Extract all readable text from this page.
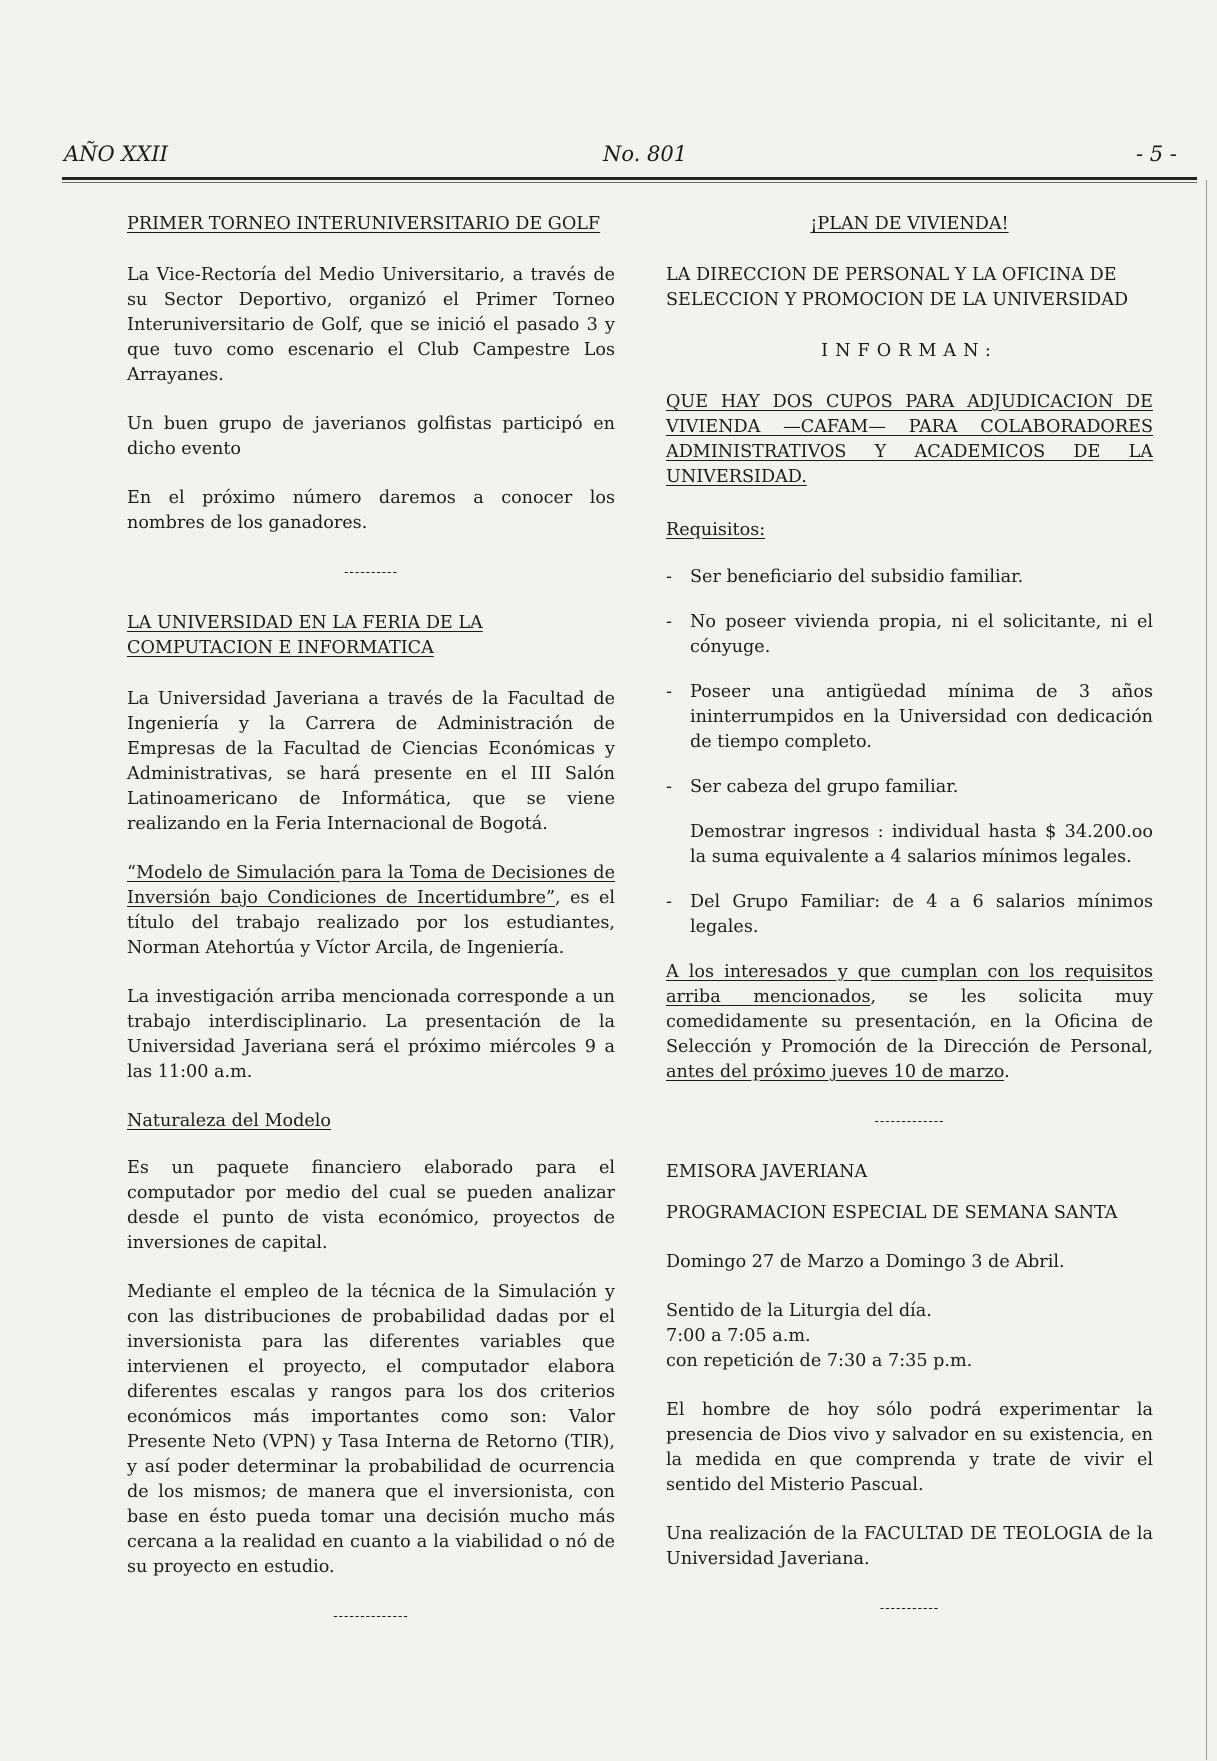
AÑO XXII	No. 801	- 5 -
PRIMER TORNEO INTERUNIVERSITARIO DE GOLF

La Vice-Rectoría del Medio Universitario, a través de su Sector Deportivo, organizó el Primer Torneo Interuniversitario de Golf, que se inició el pasado 3 y que tuvo como escenario el Club Campestre Los Arrayanes.

Un buen grupo de javerianos golfistas participó en dicho evento

En el próximo número daremos a conocer los nombres de los ganadores.

----------
LA UNIVERSIDAD EN LA FERIA DE LA COMPUTACION E INFORMATICA

La Universidad Javeriana a través de la Facultad de Ingeniería y la Carrera de Administración de Empresas de la Facultad de Ciencias Económicas y Administrativas, se hará presente en el III Salón Latinoamericano de Informática, que se viene realizando en la Feria Internacional de Bogotá.

“Modelo de Simulación para la Toma de Decisiones de Inversión bajo Condiciones de Incertidumbre”, es el título del trabajo realizado por los estudiantes, Norman Atehortúa y Víctor Arcila, de Ingeniería.

La investigación arriba mencionada corresponde a un trabajo interdisciplinario. La presentación de la Universidad Javeriana será el próximo miércoles 9 a las 11:00 a.m.

Naturaleza del Modelo

Es un paquete financiero elaborado para el computador por medio del cual se pueden analizar desde el punto de vista económico, proyectos de inversiones de capital.

Mediante el empleo de la técnica de la Simulación y con las distribuciones de probabilidad dadas por el inversionista para las diferentes variables que intervienen el proyecto, el computador elabora diferentes escalas y rangos para los dos criterios económicos más importantes como son: Valor Presente Neto (VPN) y Tasa Interna de Retorno (TIR), y así poder determinar la probabilidad de ocurrencia de los mismos; de manera que el inversionista, con base en ésto pueda tomar una decisión mucho más cercana a la realidad en cuanto a la viabilidad o nó de su proyecto en estudio.

--------------
¡PLAN DE VIVIENDA!

LA DIRECCION DE PERSONAL Y LA OFICINA DE SELECCION Y PROMOCION DE LA UNIVERSIDAD

INFORMAN:

QUE HAY DOS CUPOS PARA ADJUDICACION DE VIVIENDA —CAFAM— PARA COLABORADORES ADMINISTRATIVOS Y ACADEMICOS DE LA UNIVERSIDAD.

Requisitos:
-	Ser beneficiario del subsidio familiar.
-	No poseer vivienda propia, ni el solicitante, ni el cónyuge.
-	Poseer una antigüedad mínima de 3 años ininterrumpidos en la Universidad con dedicación de tiempo completo.
-	Ser cabeza del grupo familiar.
Demostrar ingresos : individual hasta $ 34.200.oo la suma equivalente a 4 salarios mínimos legales.
-	Del Grupo Familiar: de 4 a 6 salarios mínimos legales.

A los interesados y que cumplan con los requisitos arriba mencionados, se les solicita muy comedidamente su presentación, en la Oficina de Selección y Promoción de la Dirección de Personal, antes del próximo jueves 10 de marzo.

-------------

EMISORA JAVERIANA

PROGRAMACION ESPECIAL DE SEMANA SANTA

Domingo 27 de Marzo a Domingo 3 de Abril.

Sentido de la Liturgia del día.
7:00 a 7:05 a.m.
con repetición de 7:30 a 7:35 p.m.

El hombre de hoy sólo podrá experimentar la presencia de Dios vivo y salvador en su existencia, en la medida en que comprenda y trate de vivir el sentido del Misterio Pascual.

Una realización de la FACULTAD DE TEOLOGIA de la Universidad Javeriana.

-----------
